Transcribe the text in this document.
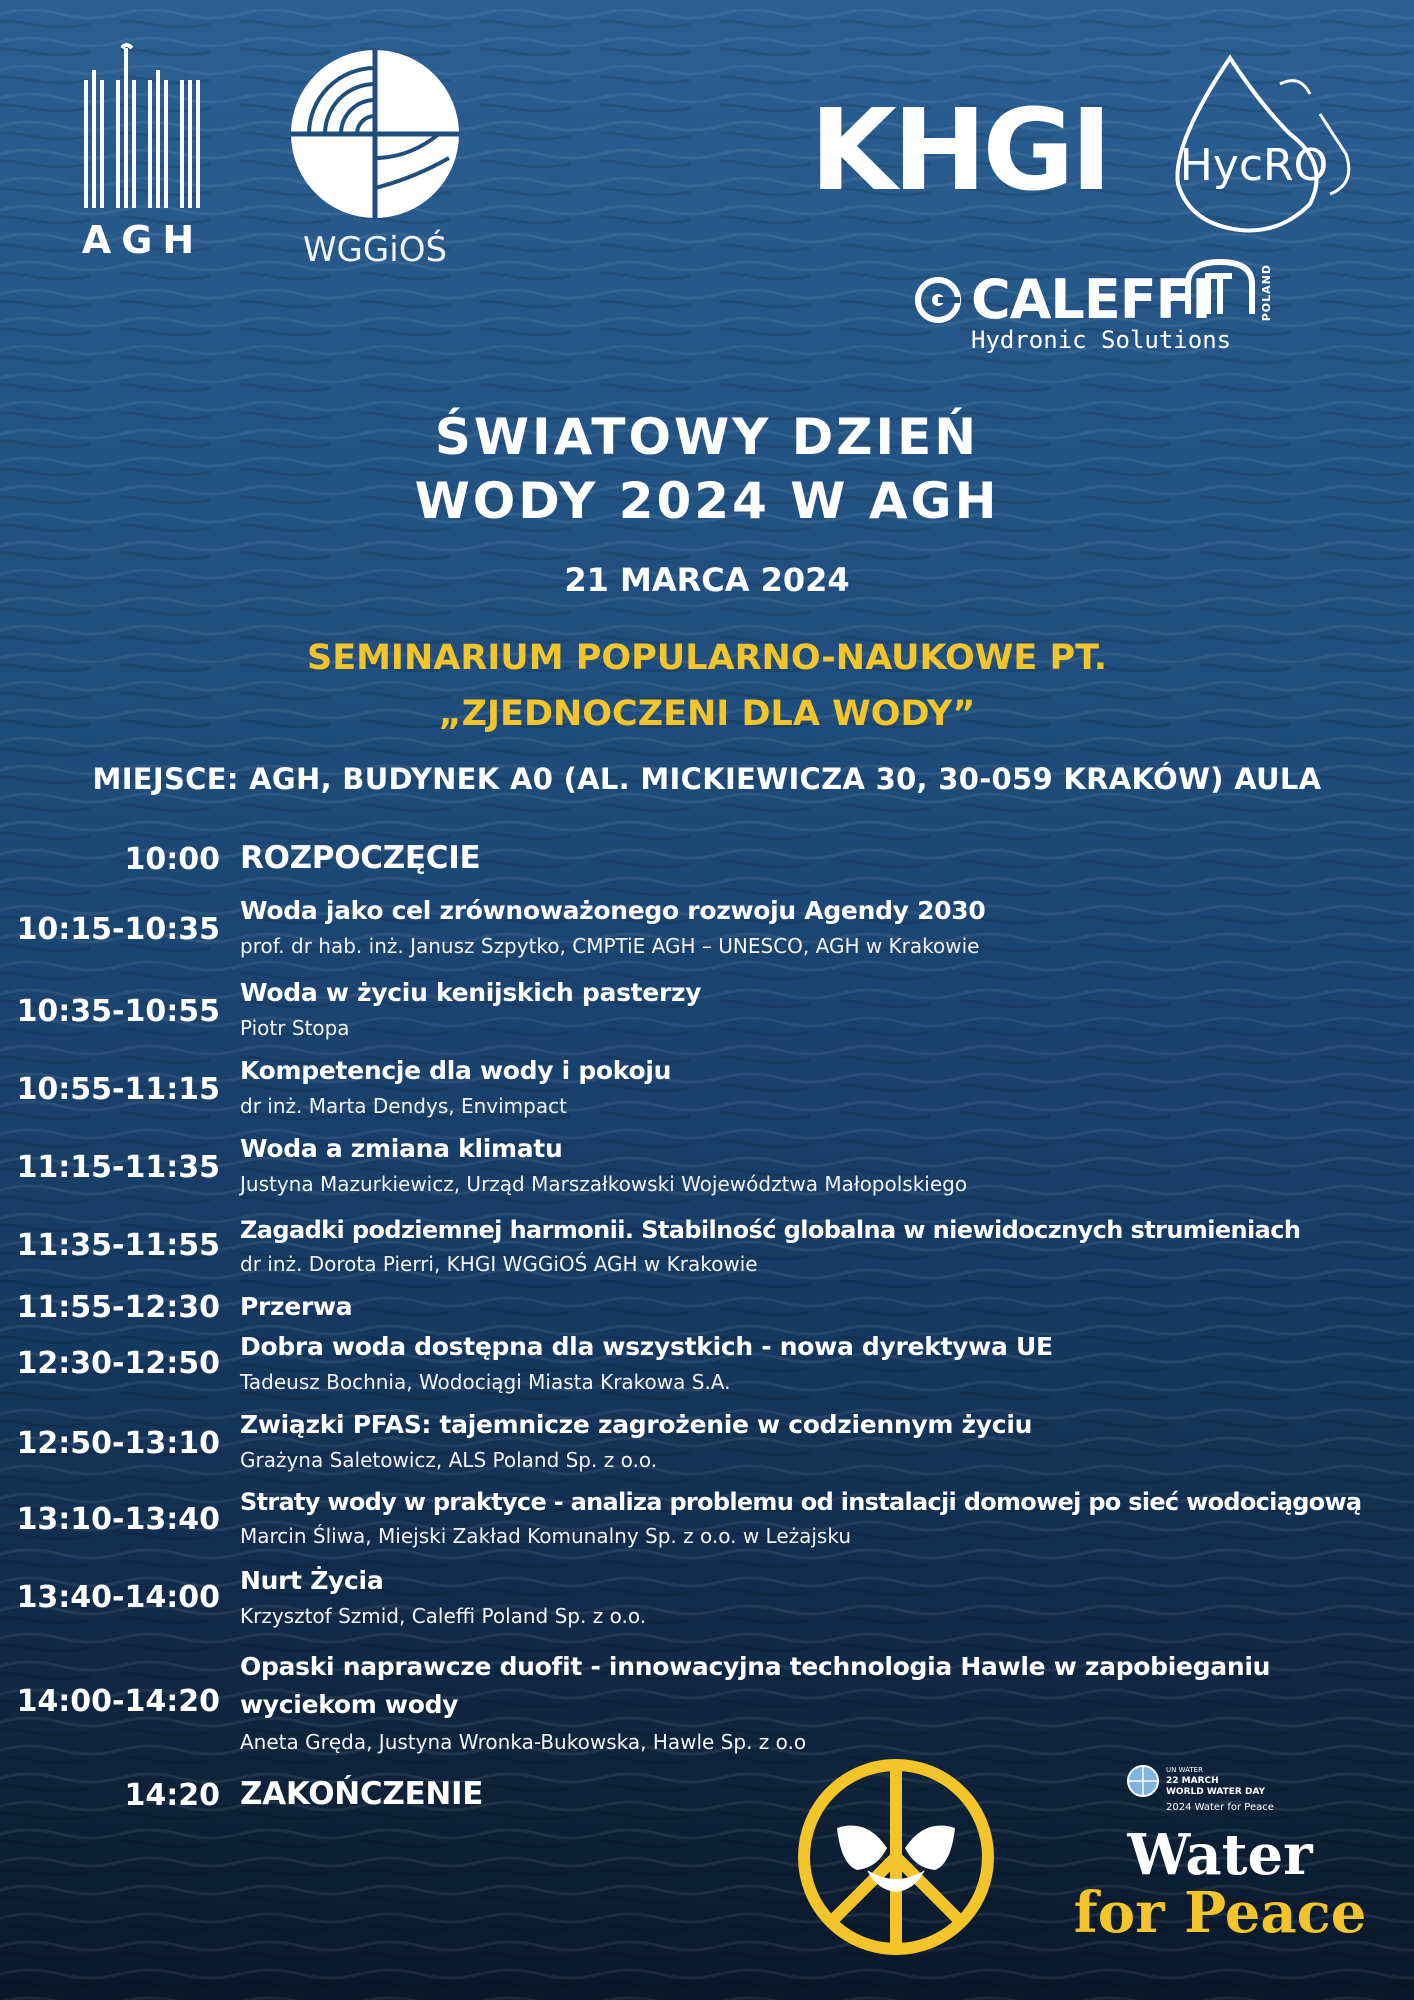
AGH	WGGiOŚ
KHGI HycRO
CALEFFI
Hydronic Solutions
POLAND
ŚWIATOWY DZIEŃ
WODY 2024 W AGH
21 MARCA 2024
SEMINARIUM POPULARNO-NAUKOWE PT.
„ZJEDNOCZENI DLA WODY”
MIEJSCE: AGH, BUDYNEK A0 (AL. MICKIEWICZA 30, 30-059 KRAKÓW) AULA
10:00 ROZPOCZĘCIE
10:15-10:35
Woda jako cel zrównoważonego rozwoju Agendy 2030
prof. dr hab. inż. Janusz Szpytko, CMPTiE AGH – UNESCO, AGH w Krakowie
10:35-10:55
Woda w życiu kenijskich pasterzy
Piotr Stopa
10:55-11:15
Kompetencje dla wody i pokoju
dr inż. Marta Dendys, Envimpact
11:15-11:35
Woda a zmiana klimatu
Justyna Mazurkiewicz, Urząd Marszałkowski Województwa Małopolskiego
11:35-11:55 Zagadki podziemnej harmonii. Stabilność globalna w niewidocznych strumieniach
dr inż. Dorota Pierri, KHGI WGGiOŚ AGH w Krakowie
11:55-12:30 Przerwa
12:30-12:50 Dobra woda dostępna dla wszystkich - nowa dyrektywa UE
Tadeusz Bochnia, Wodociągi Miasta Krakowa S.A.
12:50-13:10
Związki PFAS: tajemnicze zagrożenie w codziennym życiu
Grażyna Saletowicz, ALS Poland Sp. z o.o.
13:10-13:40 Straty wody w praktyce - analiza problemu od instalacji domowej po sieć wodociągową
Marcin Śliwa, Miejski Zakład Komunalny Sp. z o.o. w Leżajsku
13:40-14:00 Nurt Życia
Krzysztof Szmid, Caleffi Poland Sp. z o.o.
14:00-14:20
Opaski naprawcze duofit - innowacyjna technologia Hawle w zapobieganiu
wyciekom wody
Aneta Gręda, Justyna Wronka-Bukowska, Hawle Sp. z o.o
14:20 ZAKOŃCZENIE
UN WATER
22 MARCH
WORLD WATER DAY
2024 Water for Peace
Water
for Peace
